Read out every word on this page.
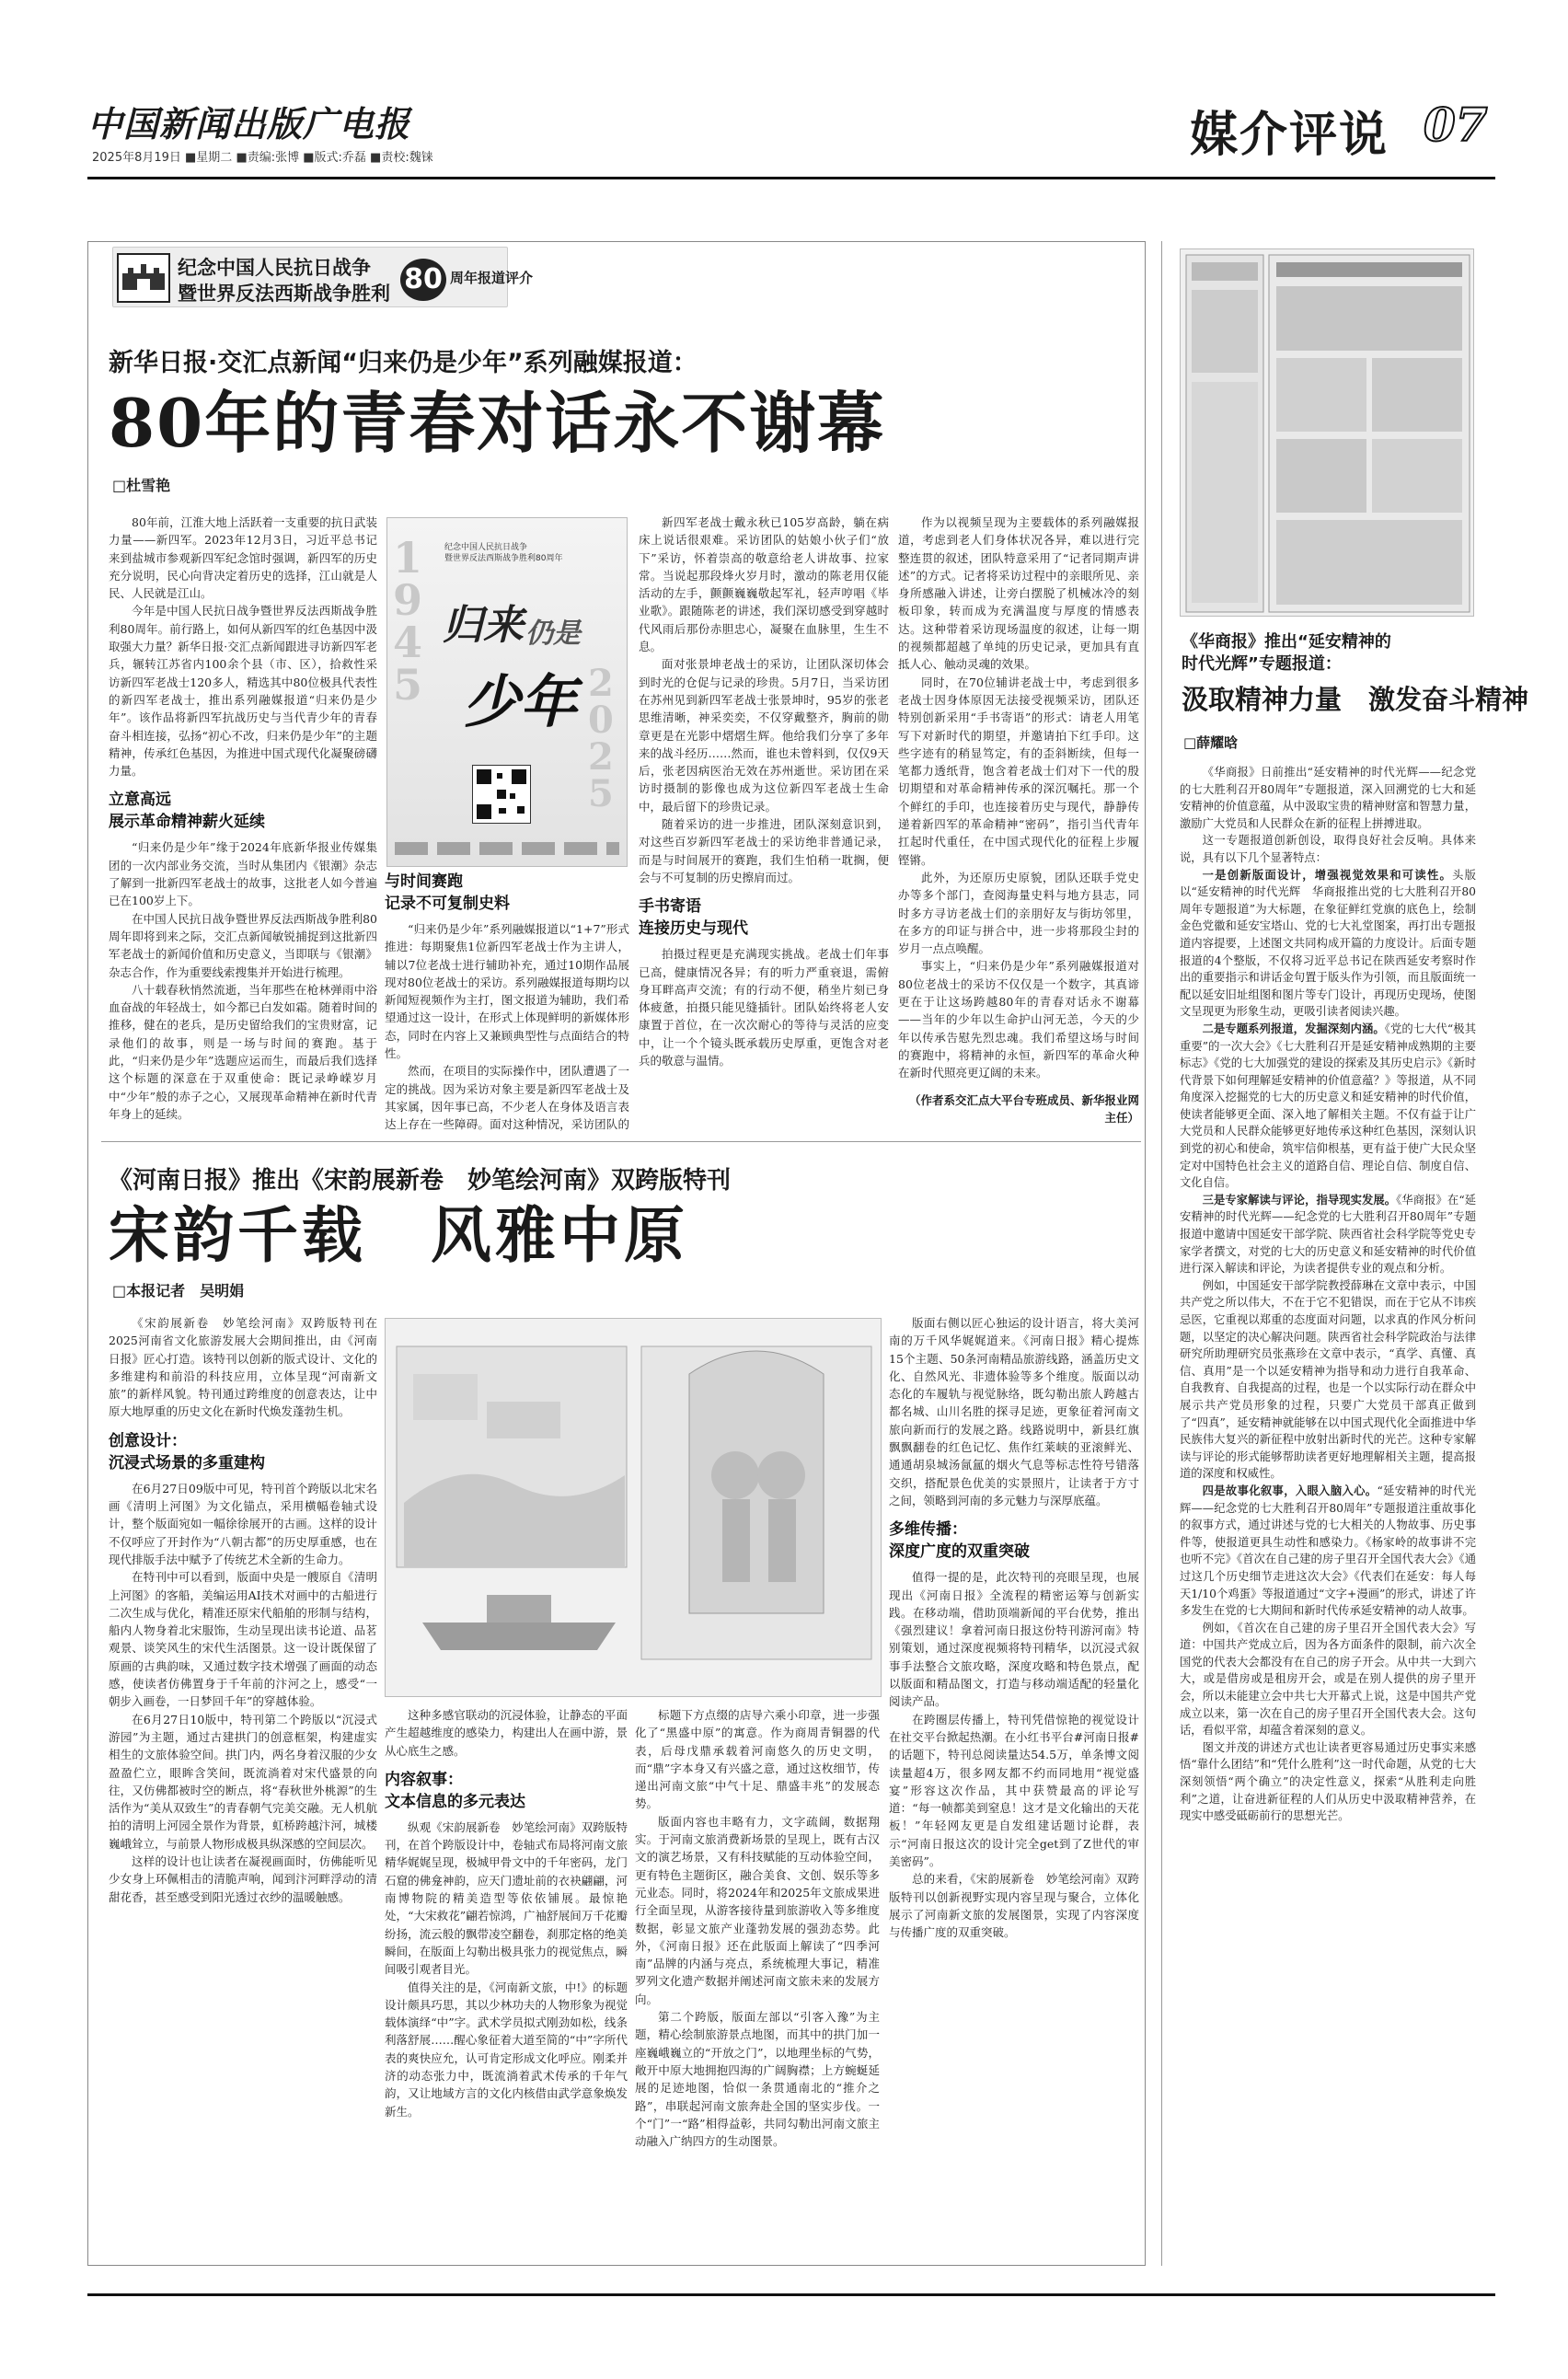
中国新闻出版广电报
2025年8月19日 ■星期二 ■责编:张博 ■版式:乔磊 ■责校:魏铼	媒介评说 07
纪念中国人民抗日战争
暨世界反法西斯战争胜利 80 周年报道评介
新华日报·交汇点新闻“归来仍是少年”系列融媒报道：
80年的青春对话永不谢幕
□杜雪艳

80年前，江淮大地上活跃着一支重要的抗日武装力量——新四军。2023年12月3日，习近平总书记来到盐城市参观新四军纪念馆时强调，新四军的历史充分说明，民心向背决定着历史的选择，江山就是人民、人民就是江山。

今年是中国人民抗日战争暨世界反法西斯战争胜利80周年。前行路上，如何从新四军的红色基因中汲取强大力量？新华日报·交汇点新闻跟进寻访新四军老兵，辗转江苏省内100余个县（市、区），拾救性采访新四军老战士120多人，精选其中80位极具代表性的新四军老战士，推出系列融媒报道“归来仍是少年”。该作品将新四军抗战历史与当代青少年的青春奋斗相连接，弘扬“初心不改，归来仍是少年”的主题精神，传承红色基因，为推进中国式现代化凝聚磅礴力量。

立意高远
展示革命精神薪火延续

“归来仍是少年”缘于2024年底新华报业传媒集团的一次内部业务交流，当时从集团内《银潮》杂志了解到一批新四军老战士的故事，这批老人如今普遍已在100岁上下。

在中国人民抗日战争暨世界反法西斯战争胜利80周年即将到来之际，交汇点新闻敏锐捕捉到这批新四军老战士的新闻价值和历史意义，当即联与《银潮》杂志合作，作为重要线索搜集并开始进行梳理。

八十载春秋悄然流逝，当年那些在枪林弹雨中浴血奋战的年轻战士，如今都已白发如霜。随着时间的推移，健在的老兵，是历史留给我们的宝贵财富，记录他们的故事，则是一场与时间的赛跑。基于此，“归来仍是少年”选题应运而生，而最后我们选择这个标题的深意在于双重使命：既记录峥嵘岁月中“少年”般的赤子之心，又展现革命精神在新时代青年身上的延续。

1945
纪念中国人民抗日战争
暨世界反法西斯战争胜利80周年
归来 仍是
少年 2025
与时间赛跑
记录不可复制史料

“归来仍是少年”系列融媒报道以“1+7”形式推进：每期聚焦1位新四军老战士作为主讲人，辅以7位老战士进行辅助补充，通过10期作品展现对80位老战士的采访。系列融媒报道每期均以新闻短视频作为主打，图文报道为辅助，我们希望通过这一设计，在形式上体现鲜明的新媒体形态，同时在内容上又兼顾典型性与点面结合的特性。

然而，在项目的实际操作中，团队遭遇了一定的挑战。因为采访对象主要是新四军老战士及其家属，因年事已高，不少老人在身体及语言表达上存在一些障碍。面对这种情况，采访团队的

新四军老战士戴永秋已105岁高龄，躺在病床上说话很艰难。采访团队的姑娘小伙子们“放下”采访，怀着崇高的敬意给老人讲故事、拉家常。当说起那段烽火岁月时，激动的陈老用仅能活动的左手，颤颤巍巍敬起军礼，轻声哼唱《毕业歌》。跟随陈老的讲述，我们深切感受到穿越时代风雨后那份赤胆忠心，凝聚在血脉里，生生不息。

面对张景坤老战士的采访，让团队深切体会到时光的仓促与记录的珍贵。5月7日，当采访团在苏州见到新四军老战士张景坤时，95岁的张老思维清晰，神采奕奕，不仅穿戴整齐，胸前的勋章更是在光影中熠熠生辉。他给我们分享了多年来的战斗经历……然而，谁也未曾料到，仅仅9天后，张老因病医治无效在苏州逝世。采访团在采访时摄制的影像也成为这位新四军老战士生命中，最后留下的珍贵记录。

随着采访的进一步推进，团队深刻意识到，对这些百岁新四军老战士的采访绝非普通记录，而是与时间展开的赛跑，我们生怕稍一耽搁，便会与不可复制的历史擦肩而过。

手书寄语
连接历史与现代

拍摄过程更是充满现实挑战。老战士们年事已高，健康情况各异；有的听力严重衰退，需俯身耳畔高声交流；有的行动不便，稍坐片刻已身体疲惫，拍摄只能见缝插针。团队始终将老人安康置于首位，在一次次耐心的等待与灵活的应变中，让一个个镜头既承载历史厚重，更饱含对老兵的敬意与温情。

作为以视频呈现为主要载体的系列融媒报道，考虑到老人们身体状况各异，难以进行完整连贯的叙述，团队特意采用了“记者同期声讲述”的方式。记者将采访过程中的亲眼所见、亲身所感融入讲述，让旁白摆脱了机械冰冷的刻板印象，转而成为充满温度与厚度的情感表达。这种带着采访现场温度的叙述，让每一期的视频都超越了单纯的历史记录，更加具有直抵人心、触动灵魂的效果。

同时，在70位辅讲老战士中，考虑到很多老战士因身体原因无法接受视频采访，团队还特别创新采用“手书寄语”的形式：请老人用笔写下对新时代的期望，并邀请拍下红手印。这些字迹有的稍显笃定，有的歪斜断续，但每一笔都力透纸背，饱含着老战士们对下一代的殷切期望和对革命精神传承的深沉嘱托。那一个个鲜红的手印，也连接着历史与现代，静静传递着新四军的革命精神“密码”，指引当代青年扛起时代重任，在中国式现代化的征程上步履铿锵。

此外，为还原历史原貌，团队还联手党史办等多个部门，查阅海量史料与地方县志，同时多方寻访老战士们的亲朋好友与街坊邻里，在多方的印证与拼合中，进一步将那段尘封的岁月一点点唤醒。

事实上，“归来仍是少年”系列融媒报道对80位老战士的采访不仅仅是一个数字，其真谛更在于让这场跨越80年的青春对话永不谢幕——当年的少年以生命护山河无恙，今天的少年以传承告慰先烈忠魂。我们希望这场与时间的赛跑中，将精神的永恒，新四军的革命火种在新时代照亮更辽阔的未来。

（作者系交汇点大平台专班成员、新华报业网主任）
《河南日报》推出《宋韵展新卷　妙笔绘河南》双跨版特刊
宋韵千载　风雅中原
□本报记者　吴明娟

《宋韵展新卷　妙笔绘河南》双跨版特刊在2025河南省文化旅游发展大会期间推出，由《河南日报》匠心打造。该特刊以创新的版式设计、文化的多维建构和前沿的科技应用，立体呈现“河南新文旅”的新样风貌。特刊通过跨维度的创意表达，让中原大地厚重的历史文化在新时代焕发蓬勃生机。

创意设计：
沉浸式场景的多重建构

在6月27日09版中可见，特刊首个跨版以北宋名画《清明上河图》为文化锚点，采用横幅卷轴式设计，整个版面宛如一幅徐徐展开的古画。这样的设计不仅呼应了开封作为“八朝古都”的历史厚重感，也在现代排版手法中赋予了传统艺术全新的生命力。

在特刊中可以看到，版面中央是一艘原自《清明上河图》的客船，美编运用AI技术对画中的古船进行二次生成与优化，精准还原宋代船舶的形制与结构，船内人物身着北宋服饰，生动呈现出读书论道、品茗观景、谈笑风生的宋代生活图景。这一设计既保留了原画的古典韵味，又通过数字技术增强了画面的动态感，使读者仿佛置身于千年前的汴河之上，感受“一朝步入画卷，一日梦回千年”的穿越体验。

在6月27日10版中，特刊第二个跨版以“沉浸式游园”为主题，通过古建拱门的创意框架，构建虚实相生的文旅体验空间。拱门内，两名身着汉服的少女盈盈伫立，眼眸含笑间，既流淌着对宋代盛景的向往，又仿佛都被时空的断点，将“春秋世外桃源”的生活作为“美从双致生”的青春朝气完美交融。无人机航拍的清明上河园全景作为背景，虹桥跨越汴河，城楼巍峨耸立，与前景人物形成极具纵深感的空间层次。

这样的设计也让读者在凝视画面时，仿佛能听见少女身上环佩相击的清脆声响，闻到汴河畔浮动的清甜花香，甚至感受到阳光透过衣纱的温暖触感。

这种多感官联动的沉浸体验，让静态的平面产生超越维度的感染力，构建出人在画中游，景从心底生之感。

内容叙事：
文本信息的多元表达

纵观《宋韵展新卷　妙笔绘河南》双跨版特刊，在首个跨版设计中，卷轴式布局将河南文旅精华娓娓呈现，极城甲骨文中的千年密码，龙门石窟的佛龛神韵，应天门遗址前的衣袂翩翩，河南博物院的精美造型等依依铺展。最惊艳处，“大宋救花”翩若惊鸿，广袖舒展间万千花瓣纷扬，流云般的飘带凌空翻卷，刹那定格的绝美瞬间，在版面上勾勒出极具张力的视觉焦点，瞬间吸引观者目光。

值得关注的是，《河南新文旅，中!》的标题设计颇具巧思，其以少林功夫的人物形象为视觉载体演绎“中”字。武术学员拟式刚劲如松，线条利落舒展……醒心象征着大道至简的“中”字所代表的爽快应允，认可肯定形成文化呼应。刚柔并济的动态张力中，既流淌着武术传承的千年气韵，又让地域方言的文化内核借由武学意象焕发新生。

标题下方点缀的店导六乘小印章，进一步强化了“黑盛中原”的寓意。作为商周青铜器的代表，后母戊鼎承载着河南悠久的历史文明，而“鼎”字本身又有兴盛之意，通过这枚细节，传递出河南文旅“中气十足、鼎盛丰兆”的发展态势。

版面内容也丰略有力，文字疏阔，数据翔实。于河南文旅消费新场景的呈现上，既有古汉文的演艺场景，又有科技赋能的互动体验空间，更有特色主题街区，融合美食、文创、娱乐等多元业态。同时，将2024年和2025年文旅成果进行全面呈现，从游客接待量到旅游收入等多维度数据，彰显文旅产业蓬勃发展的强劲态势。此外，《河南日报》还在此版面上解读了“四季河南”品牌的内涵与亮点，系统梳理大事记，精准罗列文化遗产数据并阐述河南文旅未来的发展方向。

第二个跨版，版面左部以“引客入豫”为主题，精心绘制旅游景点地图，而其中的拱门加一座巍峨巍立的“开放之门”，以地理坐标的气势，敞开中原大地拥抱四海的广阔胸襟；上方蜿蜒延展的足迹地图，恰似一条贯通南北的“推介之路”，串联起河南文旅奔赴全国的坚实步伐。一个“门”一“路”相得益彰，共同勾勒出河南文旅主动融入广纳四方的生动图景。

版面右侧以匠心独运的设计语言，将大美河南的万千风华娓娓道来。《河南日报》精心提炼15个主题、50条河南精品旅游线路，涵盖历史文化、自然风光、非遗体验等多个维度。版面以动态化的车履轨与视觉脉络，既勾勒出旅人跨越古都名城、山川名胜的探寻足迹，更象征着河南文旅向新而行的发展之路。线路说明中，新县红旗飘飘翻卷的红色记忆、焦作红莱峡的亚滚鲜光、通通胡泉城汤氤氲的烟火气息等标志性符号错落交织，搭配景色优美的实景照片，让读者于方寸之间，领略到河南的多元魅力与深厚底蕴。

多维传播：
深度广度的双重突破

值得一提的是，此次特刊的亮眼呈现，也展现出《河南日报》全流程的精密运筹与创新实践。在移动端，借助顶端新闻的平台优势，推出《强烈建议！拿着河南日报这份特刊游河南》特别策划，通过深度视频将特刊精华，以沉浸式叙事手法整合文旅攻略，深度攻略和特色景点，配以版面和精品图文，打造与移动端适配的轻量化阅读产品。

在跨圈层传播上，特刊凭借惊艳的视觉设计在社交平台掀起热潮。在小红书平台#河南日报#的话题下，特刊总阅读量达54.5万，单条博文阅读量超4万，很多网友都不约而同地用“视觉盛宴”形容这次作品，其中获赞最高的评论写道：“每一帧都美到窒息！这才是文化输出的天花板！”年轻网友更是自发组建话题讨论群，表示“河南日报这次的设计完全get到了Z世代的审美密码”。

总的来看，《宋韵展新卷　妙笔绘河南》双跨版特刊以创新视野实现内容呈现与聚合，立体化展示了河南新文旅的发展图景，实现了内容深度与传播广度的双重突破。

《华商报》推出“延安精神的
时代光辉”专题报道：
汲取精神力量　激发奋斗精神
□薛耀晗

《华商报》日前推出“延安精神的时代光辉——纪念党的七大胜利召开80周年”专题报道，深入回溯党的七大和延安精神的价值意蕴，从中汲取宝贵的精神财富和智慧力量，激励广大党员和人民群众在新的征程上拼搏进取。

这一专题报道创新创设，取得良好社会反响。具体来说，具有以下几个显著特点：

一是创新版面设计，增强视觉效果和可读性。头版以“延安精神的时代光辉　华商报推出党的七大胜利召开80周年专题报道”为大标题，在象征鲜红党旗的底色上，绘制金色党徽和延安宝塔山、党的七大礼堂图案，再打出专题报道内容提要，上述图文共同构成开篇的力度设计。后面专题报道的4个整版，不仅将习近平总书记在陕西延安考察时作出的重要指示和讲话金句置于版头作为引领，而且版面统一配以延安旧址组图和图片等专门设计，再现历史现场，使图文呈现更为形象生动，更吸引读者阅读兴趣。

二是专题系列报道，发掘深刻内涵。《党的七大代“极其重要”的一次大会》《七大胜利召开是延安精神成熟期的主要标志》《党的七大加强党的建设的探索及其历史启示》《新时代背景下如何理解延安精神的价值意蕴？》等报道，从不同角度深入挖掘党的七大的历史意义和延安精神的时代价值，使读者能够更全面、深入地了解相关主题。不仅有益于让广大党员和人民群众能够更好地传承这种红色基因，深刻认识到党的初心和使命，筑牢信仰根基，更有益于使广大民众坚定对中国特色社会主义的道路自信、理论自信、制度自信、文化自信。

三是专家解读与评论，指导现实发展。《华商报》在“延安精神的时代光辉——纪念党的七大胜利召开80周年”专题报道中邀请中国延安干部学院、陕西省社会科学院等党史专家学者撰文，对党的七大的历史意义和延安精神的时代价值进行深入解读和评论，为读者提供专业的观点和分析。

例如，中国延安干部学院教授薛琳在文章中表示，中国共产党之所以伟大，不在于它不犯错误，而在于它从不讳疾忌医，它重视以郑重的态度面对问题，以求真的作风分析问题，以坚定的决心解决问题。陕西省社会科学院政治与法律研究所助理研究员张燕珍在文章中表示，“真学、真懂、真信、真用”是一个以延安精神为指导和动力进行自我革命、自我教育、自我提高的过程，也是一个以实际行动在群众中展示共产党员形象的过程，只要广大党员干部真正做到了“四真”，延安精神就能够在以中国式现代化全面推进中华民族伟大复兴的新征程中放射出新时代的光芒。这种专家解读与评论的形式能够帮助读者更好地理解相关主题，提高报道的深度和权威性。

四是故事化叙事，入眼入脑入心。“延安精神的时代光辉——纪念党的七大胜利召开80周年”专题报道注重故事化的叙事方式，通过讲述与党的七大相关的人物故事、历史事件等，使报道更具生动性和感染力。《杨家岭的故事讲不完也听不完》《首次在自己建的房子里召开全国代表大会》《通过这几个历史细节走进这次大会》《代表们在延安：每人每天1/10个鸡蛋》等报道通过“文字+漫画”的形式，讲述了许多发生在党的七大期间和新时代传承延安精神的动人故事。

例如，《首次在自己建的房子里召开全国代表大会》写道：中国共产党成立后，因为各方面条件的限制，前六次全国党的代表大会都没有在自己的房子开会。从中共一大到六大，或是借房或是租房开会，或是在别人提供的房子里开会，所以未能建立会中共七大开幕式上说，这是中国共产党成立以来，第一次在自己的房子里召开全国代表大会。这句话，看似平常，却蕴含着深刻的意义。

图文并茂的讲述方式也让读者更容易通过历史事实来感悟“靠什么团结”和“凭什么胜利”这一时代命题，从党的七大深刻领悟“两个确立”的决定性意义，探索“从胜利走向胜利”之道，让奋进新征程的人们从历史中汲取精神营养，在现实中感受砥砺前行的思想光芒。
